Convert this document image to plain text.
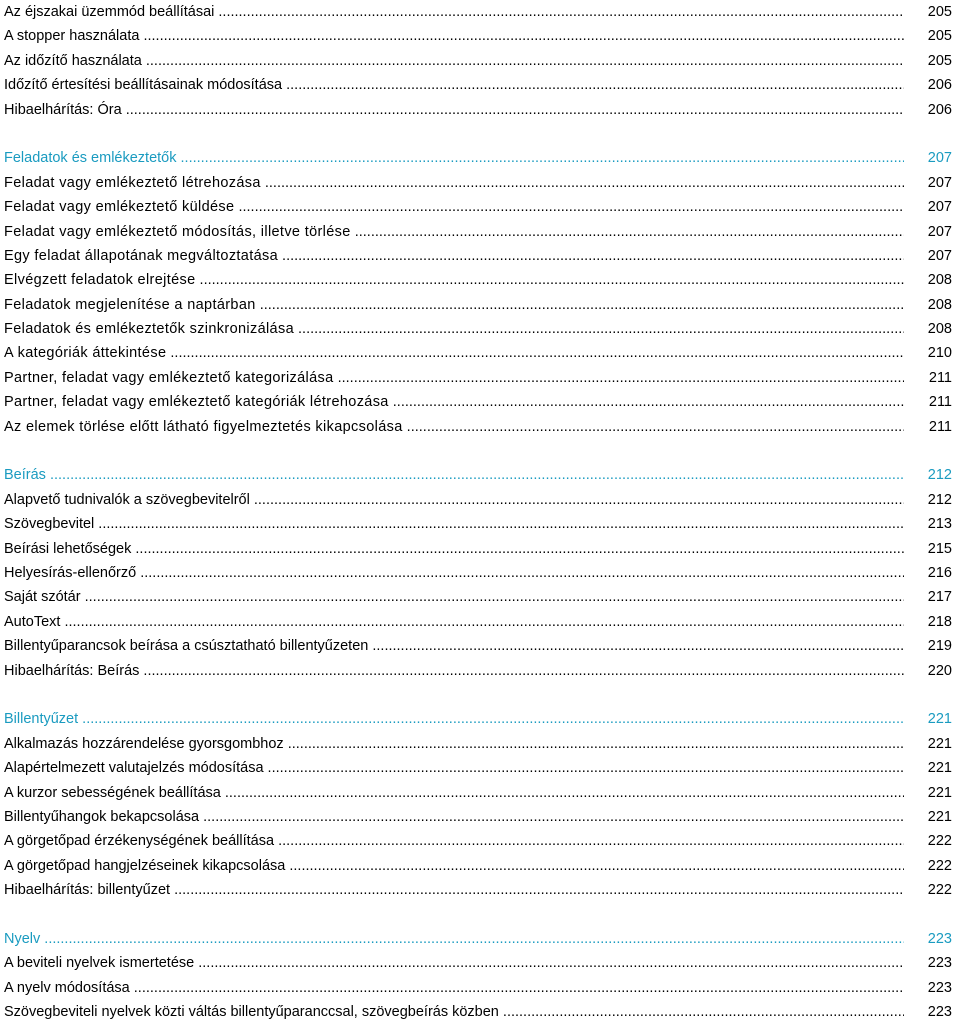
Az éjszakai üzemmód beállításai .....	205
A stopper használata .....	205
Az időzítő használata .....	205
Időzítő értesítési beállításainak módosítása .....	206
Hibaelhárítás: Óra .....	206
Feladatok és emlékeztetők .....	207
Feladat vagy emlékeztető létrehozása .....	207
Feladat vagy emlékeztető küldése .....	207
Feladat vagy emlékeztető módosítás, illetve törlése .....	207
Egy feladat állapotának megváltoztatása .....	207
Elvégzett feladatok elrejtése .....	208
Feladatok megjelenítése a naptárban .....	208
Feladatok és emlékeztetők szinkronizálása .....	208
A kategóriák áttekintése .....	210
Partner, feladat vagy emlékeztető kategorizálása .....	211
Partner, feladat vagy emlékeztető kategóriák létrehozása .....	211
Az elemek törlése előtt látható figyelmeztetés kikapcsolása .....	211
Beírás .....	212
Alapvető tudnivalók a szövegbevitelről .....	212
Szövegbevitel .....	213
Beírási lehetőségek .....	215
Helyesírás-ellenőrző .....	216
Saját szótár .....	217
AutoText .....	218
Billentyűparancsok beírása a csúsztatható billentyűzeten .....	219
Hibaelhárítás: Beírás .....	220
Billentyűzet .....	221
Alkalmazás hozzárendelése gyorsgombhoz .....	221
Alapértelmezett valutajelzés módosítása .....	221
A kurzor sebességének beállítása .....	221
Billentyűhangok bekapcsolása .....	221
A görgetőpad érzékenységének beállítása .....	222
A görgetőpad hangjelzéseinek kikapcsolása .....	222
Hibaelhárítás: billentyűzet .....	222
Nyelv .....	223
A beviteli nyelvek ismertetése .....	223
A nyelv módosítása .....	223
Szövegbeviteli nyelvek közti váltás billentyűparanccsal, szövegbeírás közben .....	223
